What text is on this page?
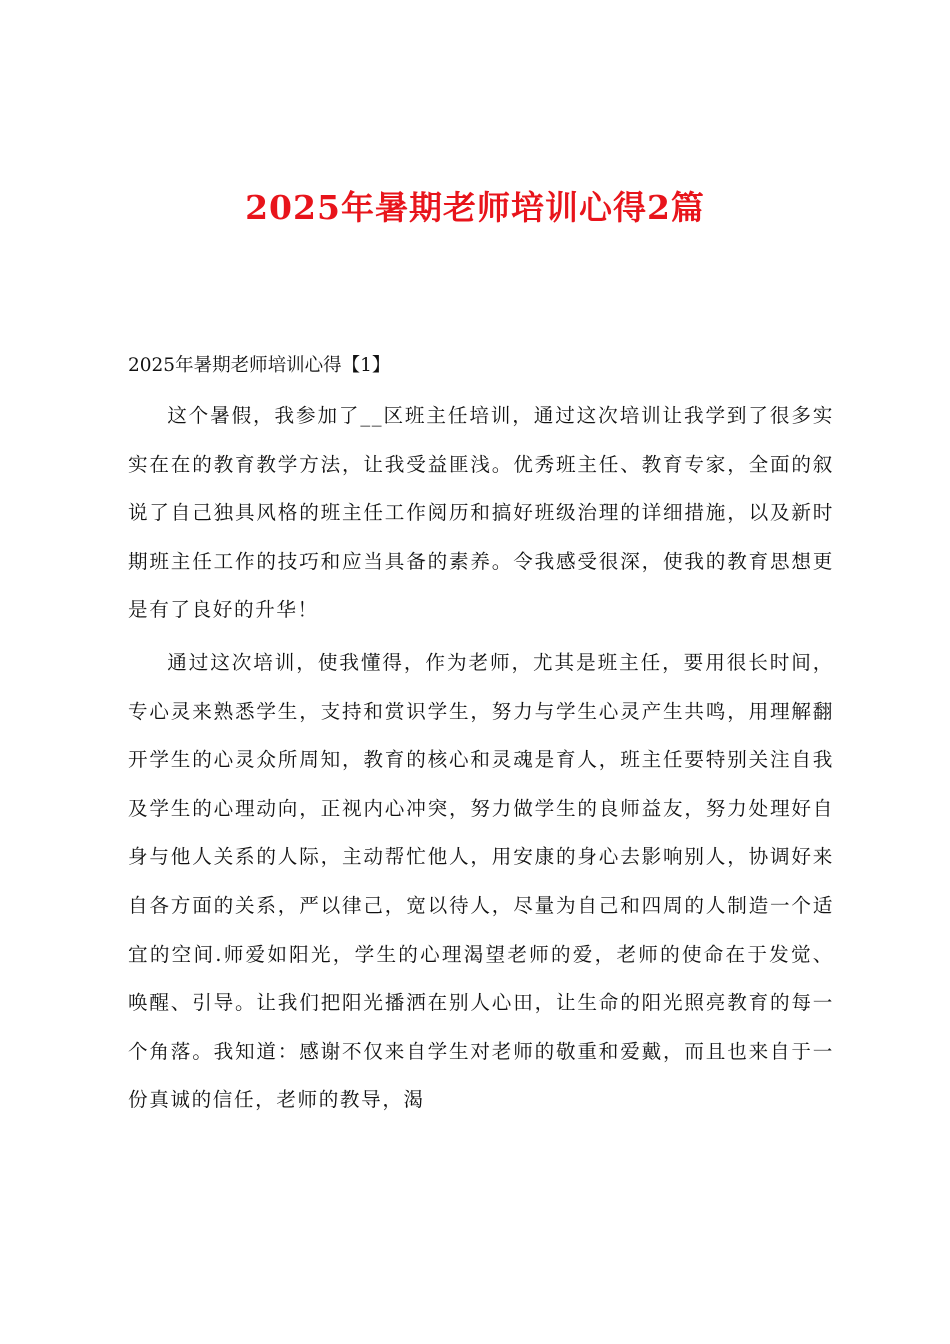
2025年暑期老师培训心得2篇
2025年暑期老师培训心得【1】

这个暑假，我参加了__区班主任培训，通过这次培训让我学到了很多实实在在的教育教学方法，让我受益匪浅。优秀班主任、教育专家，全面的叙说了自己独具风格的班主任工作阅历和搞好班级治理的详细措施，以及新时期班主任工作的技巧和应当具备的素养。令我感受很深，使我的教育思想更是有了良好的升华！

通过这次培训，使我懂得，作为老师，尤其是班主任，要用很长时间，专心灵来熟悉学生，支持和赏识学生，努力与学生心灵产生共鸣，用理解翻开学生的心灵众所周知，教育的核心和灵魂是育人，班主任要特别关注自我及学生的心理动向，正视内心冲突，努力做学生的良师益友，努力处理好自身与他人关系的人际，主动帮忙他人，用安康的身心去影响别人，协调好来自各方面的关系，严以律己，宽以待人，尽量为自己和四周的人制造一个适宜的空间.师爱如阳光，学生的心理渴望老师的爱，老师的使命在于发觉、唤醒、引导。让我们把阳光播洒在别人心田，让生命的阳光照亮教育的每一个角落。我知道：感谢不仅来自学生对老师的敬重和爱戴，而且也来自于一份真诚的信任，老师的教导，渴
